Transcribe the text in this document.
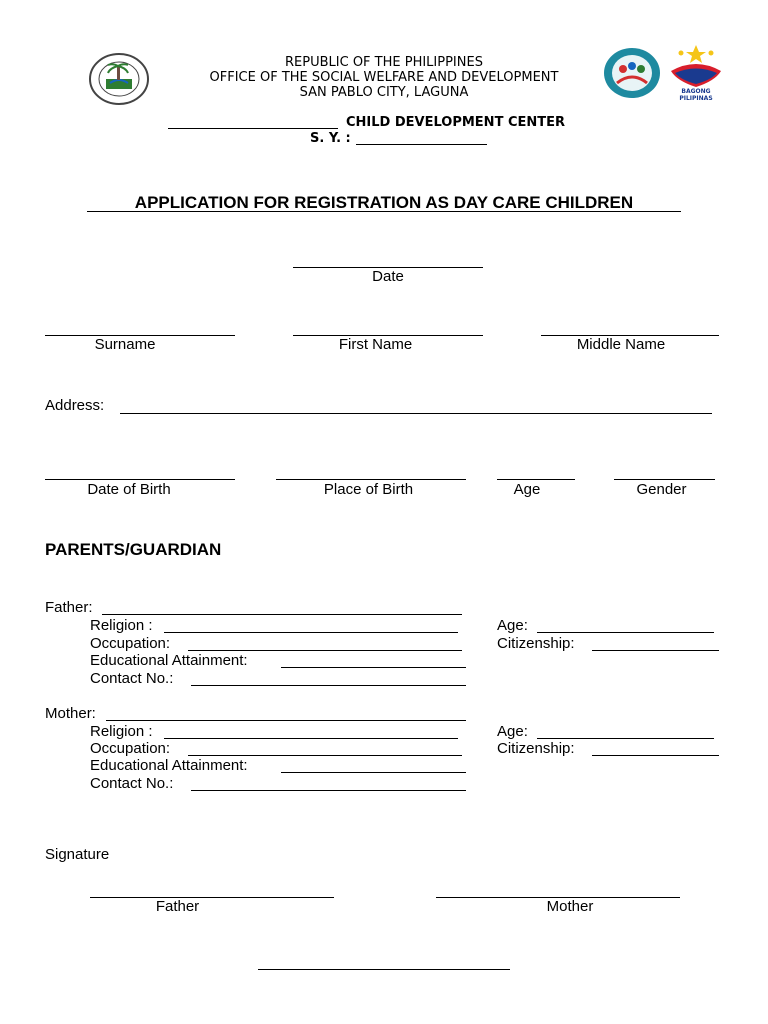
REPUBLIC OF THE PHILIPPINES
OFFICE OF THE SOCIAL WELFARE AND DEVELOPMENT
SAN PABLO CITY, LAGUNA	BAGONG PILIPINAS
CHILD DEVELOPMENT CENTER
S. Y. :
APPLICATION FOR REGISTRATION AS DAY CARE CHILDREN
Date
Surname	First Name	Middle Name
Address:
Date of Birth	Place of Birth	Age	Gender
PARENTS/GUARDIAN
Father:
Religion :	Age:
Occupation:	Citizenship:
Educational Attainment:
Contact No.:
Mother:
Religion :	Age:
Occupation:	Citizenship:
Educational Attainment:
Contact No.:
Signature
Father	Mother
